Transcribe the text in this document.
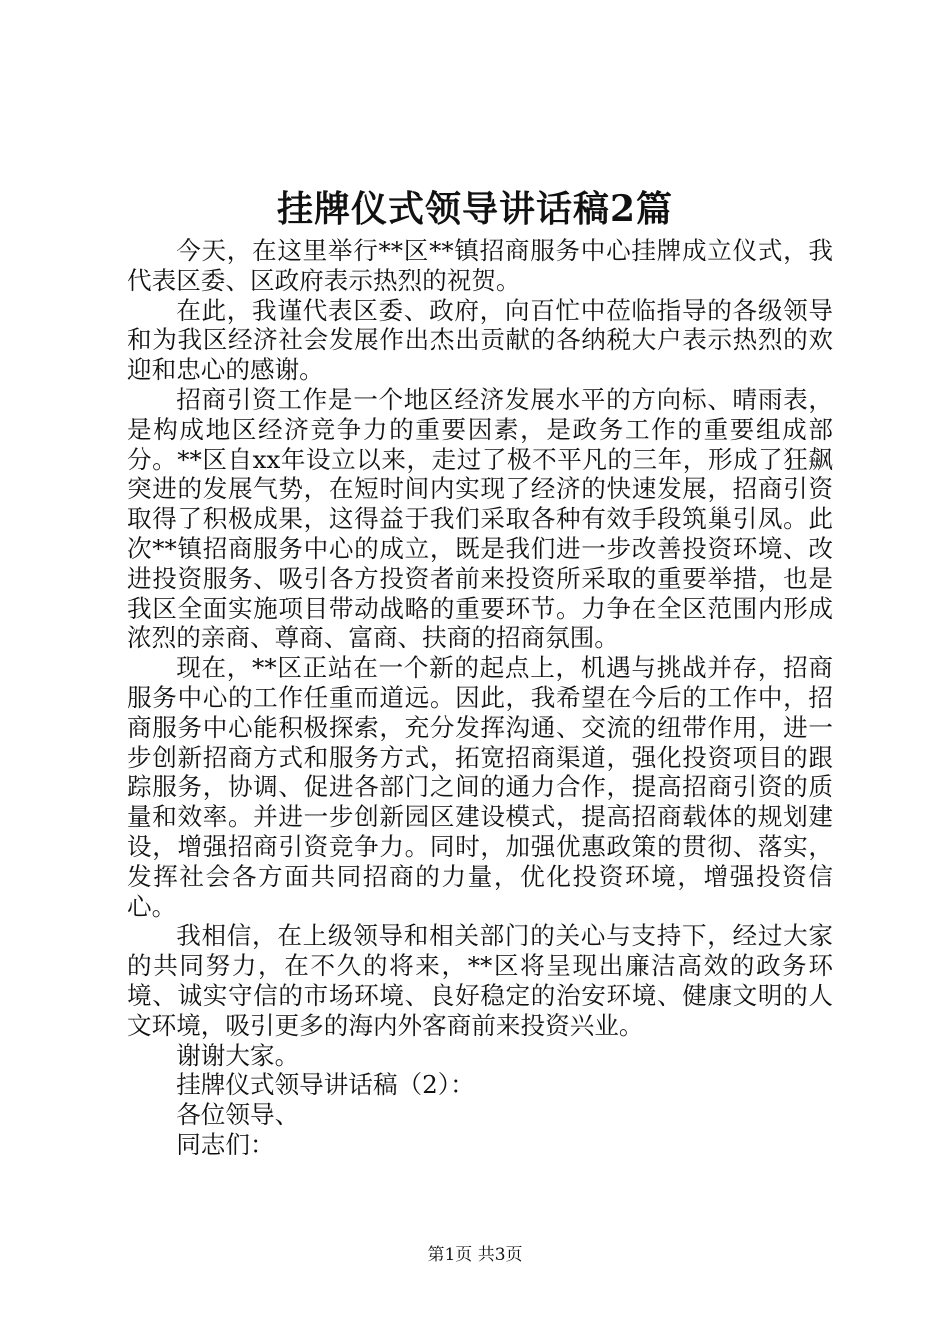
挂牌仪式领导讲话稿2篇

今天，在这里举行**区**镇招商服务中心挂牌成立仪式，我代表区委、区政府表示热烈的祝贺。

在此，我谨代表区委、政府，向百忙中莅临指导的各级领导和为我区经济社会发展作出杰出贡献的各纳税大户表示热烈的欢迎和忠心的感谢。

招商引资工作是一个地区经济发展水平的方向标、晴雨表，是构成地区经济竞争力的重要因素，是政务工作的重要组成部分。**区自xx年设立以来，走过了极不平凡的三年，形成了狂飙突进的发展气势，在短时间内实现了经济的快速发展，招商引资取得了积极成果，这得益于我们采取各种有效手段筑巢引凤。此次**镇招商服务中心的成立，既是我们进一步改善投资环境、改进投资服务、吸引各方投资者前来投资所采取的重要举措，也是我区全面实施项目带动战略的重要环节。力争在全区范围内形成浓烈的亲商、尊商、富商、扶商的招商氛围。

现在，**区正站在一个新的起点上，机遇与挑战并存，招商服务中心的工作任重而道远。因此，我希望在今后的工作中，招商服务中心能积极探索，充分发挥沟通、交流的纽带作用，进一步创新招商方式和服务方式，拓宽招商渠道，强化投资项目的跟踪服务，协调、促进各部门之间的通力合作，提高招商引资的质量和效率。并进一步创新园区建设模式，提高招商载体的规划建设，增强招商引资竞争力。同时，加强优惠政策的贯彻、落实，发挥社会各方面共同招商的力量，优化投资环境，增强投资信心。

我相信，在上级领导和相关部门的关心与支持下，经过大家的共同努力，在不久的将来，**区将呈现出廉洁高效的政务环境、诚实守信的市场环境、良好稳定的治安环境、健康文明的人文环境，吸引更多的海内外客商前来投资兴业。

谢谢大家。

挂牌仪式领导讲话稿（2）：

各位领导、

同志们：

第1页 共3页
